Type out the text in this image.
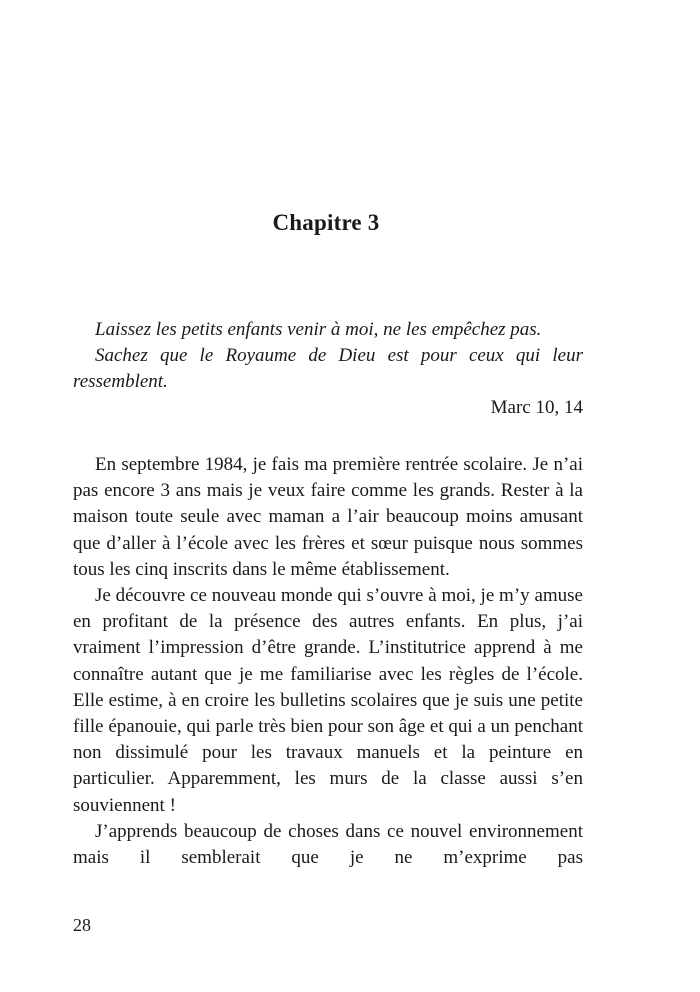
Chapitre 3

Laissez les petits enfants venir à moi, ne les empêchez pas.

Sachez que le Royaume de Dieu est pour ceux qui leur ressemblent.

Marc 10, 14

En septembre 1984, je fais ma première rentrée scolaire. Je n’ai pas encore 3 ans mais je veux faire comme les grands. Rester à la maison toute seule avec maman a l’air beaucoup moins amusant que d’aller à l’école avec les frères et sœur puisque nous sommes tous les cinq inscrits dans le même établissement.

Je découvre ce nouveau monde qui s’ouvre à moi, je m’y amuse en profitant de la présence des autres enfants. En plus, j’ai vraiment l’impression d’être grande. L’institutrice apprend à me connaître autant que je me familiarise avec les règles de l’école. Elle estime, à en croire les bulletins scolaires que je suis une petite fille épanouie, qui parle très bien pour son âge et qui a un penchant non dissimulé pour les travaux manuels et la peinture en particulier. Apparemment, les murs de la classe aussi s’en souviennent !

J’apprends beaucoup de choses dans ce nouvel environnement mais il semblerait que je ne m’exprime pas

28
